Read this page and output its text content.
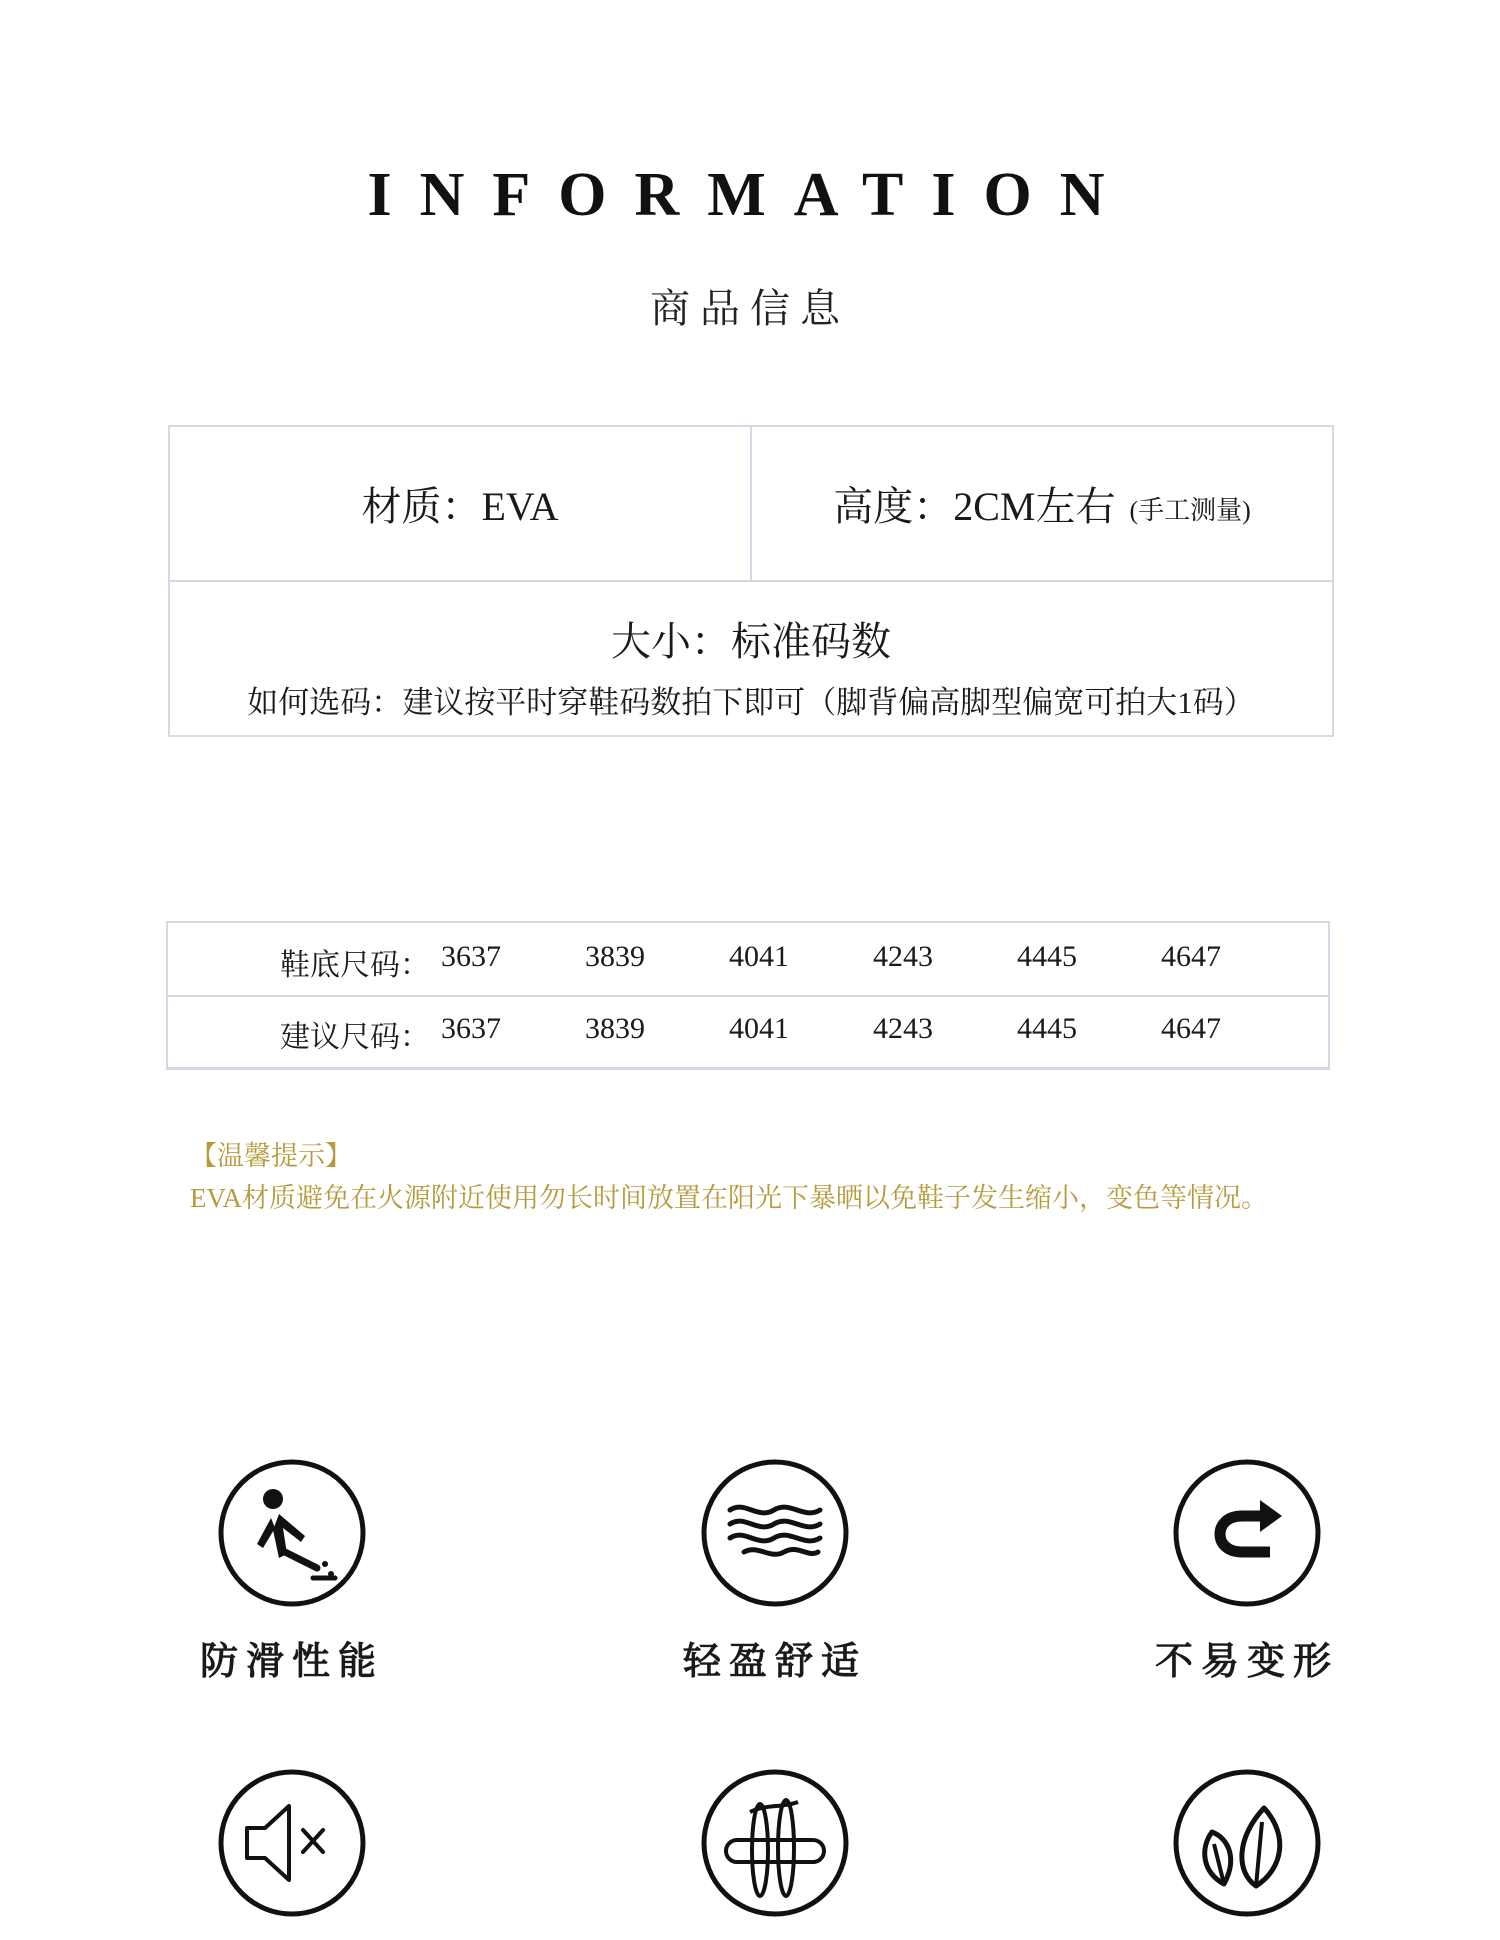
INFORMATION
商品信息
材质：EVA	高度：2CM左右 (手工测量)
大小：标准码数
如何选码：建议按平时穿鞋码数拍下即可（脚背偏高脚型偏宽可拍大1码）
鞋底尺码： 3637	3839	4041	4243	4445	4647
建议尺码： 3637	3839	4041	4243	4445	4647
【温馨提示】
EVA材质避免在火源附近使用勿长时间放置在阳光下暴晒以免鞋子发生缩小，变色等情况。
防滑性能	轻盈舒适	不易变形
